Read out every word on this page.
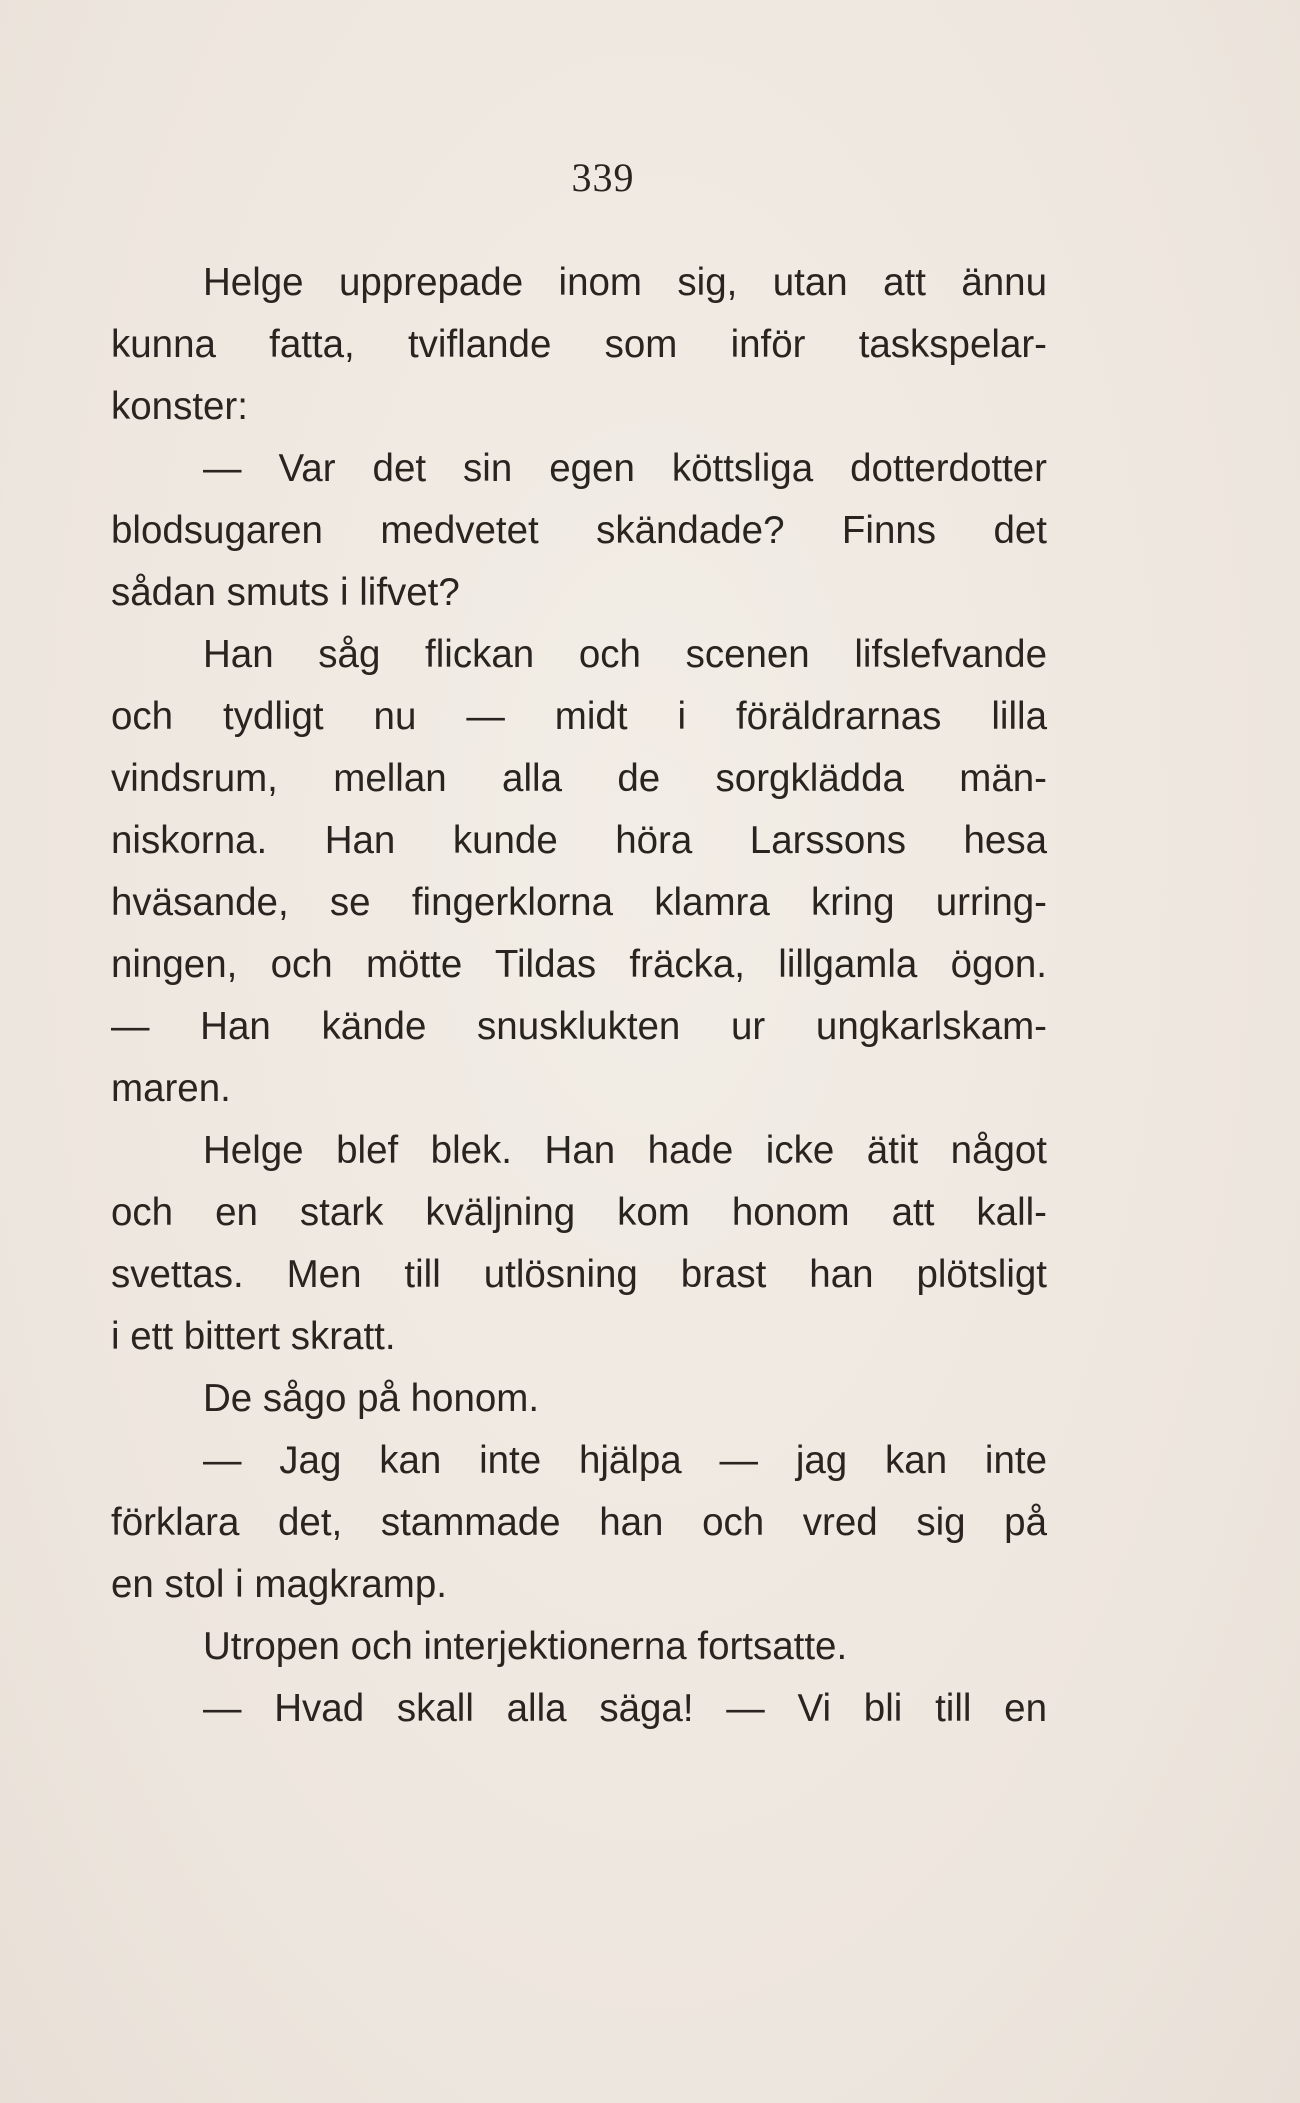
339
Helge upprepade inom sig, utan att ännu
kunna fatta, tviflande som inför taskspelar-
konster:
— Var det sin egen köttsliga dotterdotter
blodsugaren medvetet skändade? Finns det
sådan smuts i lifvet?
Han såg flickan och scenen lifslefvande
och tydligt nu — midt i föräldrarnas lilla
vindsrum, mellan alla de sorgklädda män-
niskorna. Han kunde höra Larssons hesa
hväsande, se fingerklorna klamra kring urring-
ningen, och mötte Tildas fräcka, lillgamla ögon.
— Han kände snusklukten ur ungkarlskam-
maren.
Helge blef blek. Han hade icke ätit något
och en stark kväljning kom honom att kall-
svettas. Men till utlösning brast han plötsligt
i ett bittert skratt.
De sågo på honom.
— Jag kan inte hjälpa — jag kan inte
förklara det, stammade han och vred sig på
en stol i magkramp.
Utropen och interjektionerna fortsatte.
— Hvad skall alla säga! — Vi bli till en
